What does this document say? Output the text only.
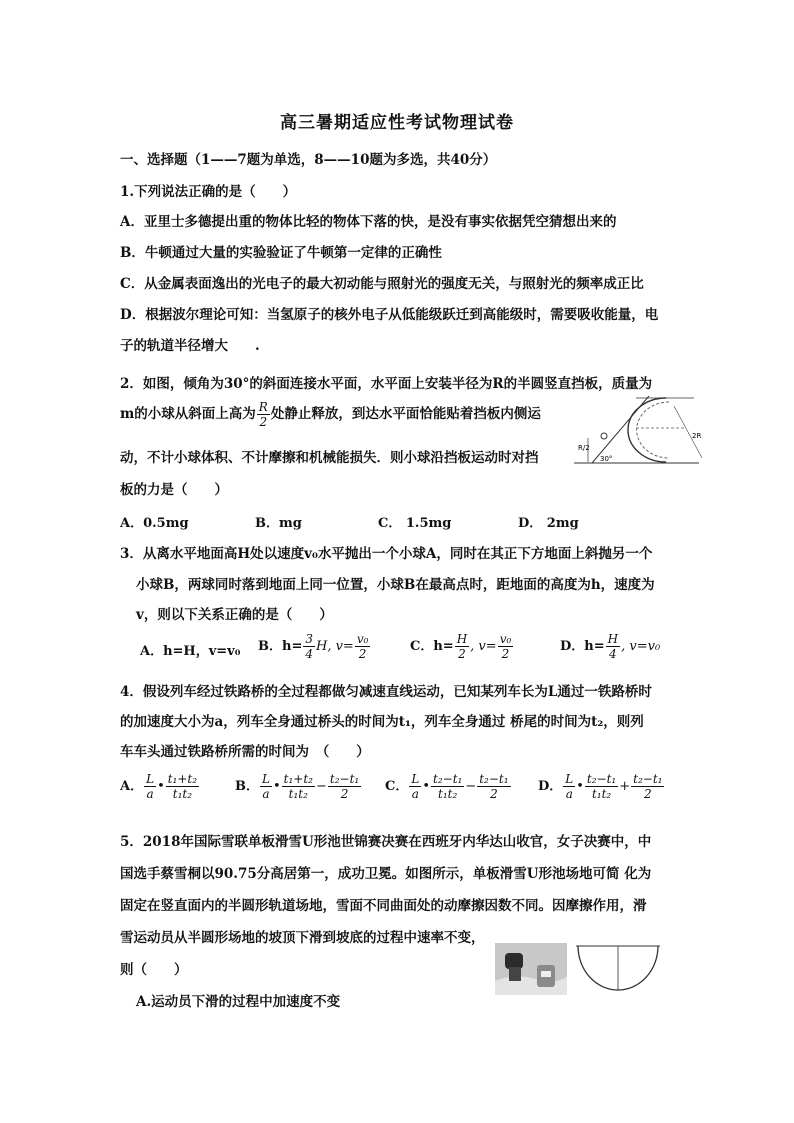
高三暑期适应性考试物理试卷
一、选择题（1——7题为单选，8——10题为多选，共40分）
1.下列说法正确的是（　　）
A．亚里士多德提出重的物体比轻的物体下落的快，是没有事实依据凭空猜想出来的
B．牛顿通过大量的实验验证了牛顿第一定律的正确性
C．从金属表面逸出的光电子的最大初动能与照射光的强度无关，与照射光的频率成正比
D．根据波尔理论可知：当氢原子的核外电子从低能级跃迁到高能级时，需要吸收能量，电
子的轨道半径增大　　.
2．如图，倾角为30°的斜面连接水平面，水平面上安装半径为R的半圆竖直挡板，质量为
m的小球从斜面上高为 $\frac{R}{2}$ 处静止释放，到达水平面恰能贴着挡板内侧运
动，不计小球体积、不计摩擦和机械能损失．则小球沿挡板运动时对挡
板的力是（　　）
R/2
30°
2R
A．0.5mg	B．mg	C． 1.5mg	D． 2mg
3．从离水平地面高H处以速度v₀水平抛出一个小球A，同时在其正下方地面上斜抛另一个
小球B，两球同时落到地面上同一位置，小球B在最高点时，距地面的高度为h，速度为
v，则以下关系正确的是（　　）
A．h=H，v=v₀ B．$h= \frac{3}{4} H$, $v= \frac{\text{v₀}}{2}$	C．$h= \frac{H}{2}$ , $v= \frac{\text{v₀}}{2}$	D．$h= \frac{H}{4}$ , v=v₀
4．假设列车经过铁路桥的全过程都做匀减速直线运动，已知某列车长为L通过一铁路桥时
的加速度大小为a，列车全身通过桥头的时间为t₁，列车全身通过 桥尾的时间为t₂，则列
车车头通过铁路桥所需的时间为　（　　）
A． $\frac{L}{a}$ • $\frac{\text{t₁+t₂}}{\text{t₁t₂}}$	B． $\frac{L}{a}$ • $\frac{\text{t₁+t₂}}{\text{t₁t₂}} - \frac{\text{t₂−t₁}}{2}$ C． $\frac{L}{a}$ • $\frac{\text{t₂−t₁}}{\text{t₁t₂}} - \frac{\text{t₂−t₁}}{2}$ D． $\frac{L}{a}$ • $\frac{\text{t₂−t₁}}{\text{t₁t₂}} + \frac{\text{t₂−t₁}}{2}$
5．2018年国际雪联单板滑雪U形池世锦赛决赛在西班牙内华达山收官，女子决赛中，中
国选手蔡雪桐以90.75分高居第一，成功卫冕。如图所示，单板滑雪U形池场地可简 化为
固定在竖直面内的半圆形轨道场地，雪面不同曲面处的动摩擦因数不同。因摩擦作用，滑
雪运动员从半圆形场地的坡顶下滑到坡底的过程中速率不变，
则（　　）
A.运动员下滑的过程中加速度不变
